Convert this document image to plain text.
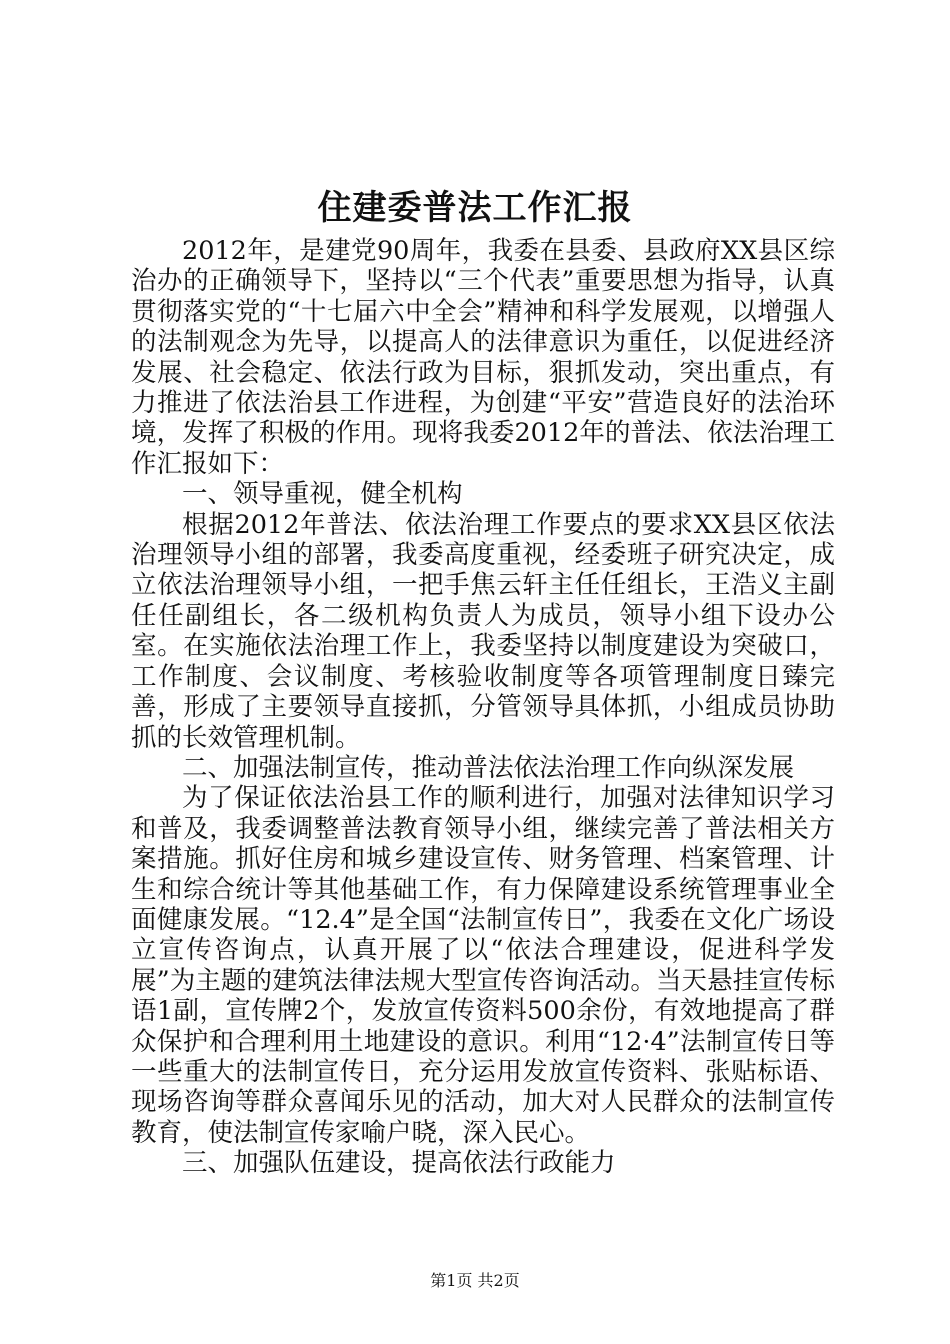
住建委普法工作汇报

2012年，是建党90周年，我委在县委、县政府XX县区综治办的正确领导下，坚持以“三个代表”重要思想为指导，认真贯彻落实党的“十七届六中全会”精神和科学发展观，以增强人的法制观念为先导，以提高人的法律意识为重任，以促进经济发展、社会稳定、依法行政为目标，狠抓发动，突出重点，有力推进了依法治县工作进程，为创建“平安”营造良好的法治环境，发挥了积极的作用。现将我委2012年的普法、依法治理工作汇报如下：

一、领导重视，健全机构

根据2012年普法、依法治理工作要点的要求XX县区依法治理领导小组的部署，我委高度重视，经委班子研究决定，成立依法治理领导小组，一把手焦云轩主任任组长，王浩义主副任任副组长，各二级机构负责人为成员，领导小组下设办公室。在实施依法治理工作上，我委坚持以制度建设为突破口，工作制度、会议制度、考核验收制度等各项管理制度日臻完善，形成了主要领导直接抓，分管领导具体抓，小组成员协助抓的长效管理机制。

二、加强法制宣传，推动普法依法治理工作向纵深发展

为了保证依法治县工作的顺利进行，加强对法律知识学习和普及，我委调整普法教育领导小组，继续完善了普法相关方案措施。抓好住房和城乡建设宣传、财务管理、档案管理、计生和综合统计等其他基础工作，有力保障建设系统管理事业全面健康发展。“12.4”是全国“法制宣传日”，我委在文化广场设立宣传咨询点，认真开展了以“依法合理建设，促进科学发展”为主题的建筑法律法规大型宣传咨询活动。当天悬挂宣传标语1副，宣传牌2个，发放宣传资料500余份，有效地提高了群众保护和合理利用土地建设的意识。利用“12·4”法制宣传日等一些重大的法制宣传日，充分运用发放宣传资料、张贴标语、现场咨询等群众喜闻乐见的活动，加大对人民群众的法制宣传教育，使法制宣传家喻户晓，深入民心。

三、加强队伍建设，提高依法行政能力

第1页 共2页
